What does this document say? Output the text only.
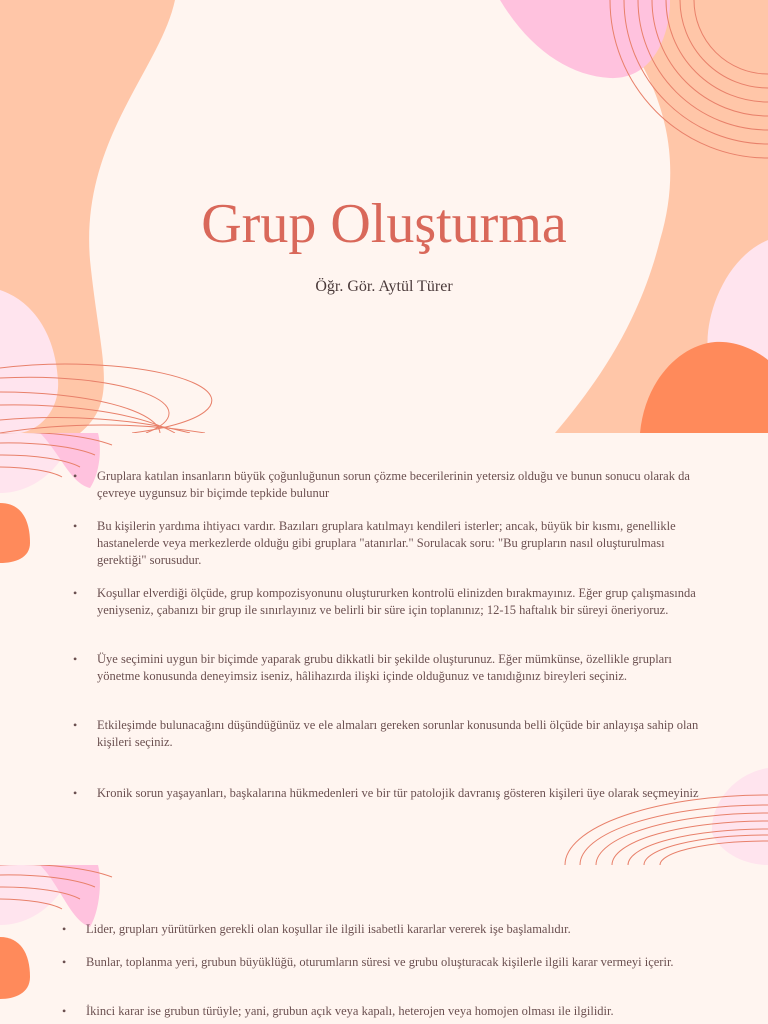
Grup Oluşturma
Öğr. Gör. Aytül Türer
• Gruplara katılan insanların büyük çoğunluğunun sorun çözme becerilerinin yetersiz olduğu ve bunun sonucu olarak da çevreye uygunsuz bir biçimde tepkide bulunur
• Bu kişilerin yardıma ihtiyacı vardır. Bazıları gruplara katılmayı kendileri isterler; ancak, büyük bir kısmı, genellikle hastanelerde veya merkezlerde olduğu gibi gruplara "atanırlar." Sorulacak soru: "Bu grupların nasıl oluşturulması gerektiği" sorusudur.
• Koşullar elverdiği ölçüde, grup kompozisyonunu oluştururken kontrolü elinizden bırakmayınız. Eğer grup çalışmasında yeniyseniz, çabanızı bir grup ile sınırlayınız ve belirli bir süre için toplanınız; 12-15 haftalık bir süreyi öneriyoruz.
• Üye seçimini uygun bir biçimde yaparak grubu dikkatli bir şekilde oluşturunuz. Eğer mümkünse, özellikle grupları yönetme konusunda deneyimsiz iseniz, hâlihazırda ilişki içinde olduğunuz ve tanıdığınız bireyleri seçiniz.
• Etkileşimde bulunacağını düşündüğünüz ve ele almaları gereken sorunlar konusunda belli ölçüde bir anlayışa sahip olan kişileri seçiniz.
• Kronik sorun yaşayanları, başkalarına hükmedenleri ve bir tür patolojik davranış gösteren kişileri üye olarak seçmeyiniz
• Lider, grupları yürütürken gerekli olan koşullar ile ilgili isabetli kararlar vererek işe başlamalıdır.
• Bunlar, toplanma yeri, grubun büyüklüğü, oturumların süresi ve grubu oluşturacak kişilerle ilgili karar vermeyi içerir.
• İkinci karar ise grubun türüyle; yani, grubun açık veya kapalı, heterojen veya homojen olması ile ilgilidir.
